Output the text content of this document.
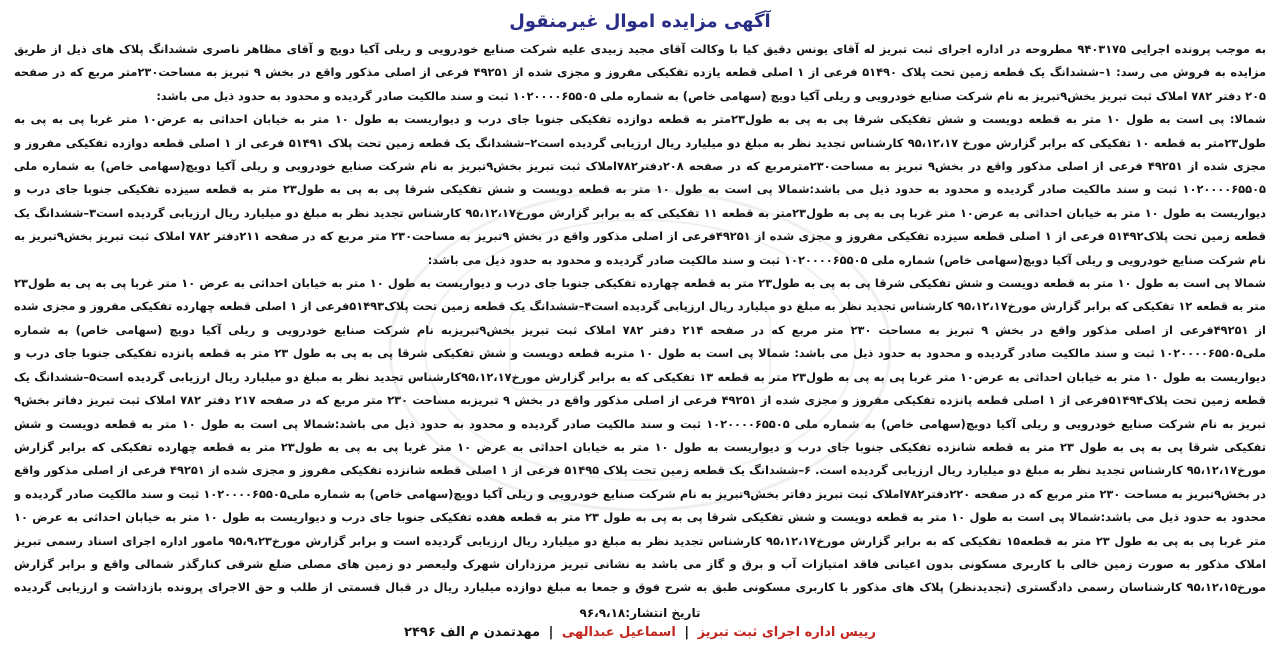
آگهی مزایده اموال غیرمنقول

به موجب پرونده اجرایی ۹۴۰۳۱۷۵ مطروحه در اداره اجرای ثبت تبریز له آقای یونس دقیق کیا با وکالت آقای مجید زبیدی علیه شرکت صنایع خودرویی و ریلی آکیا دویچ و آقای مظاهر ناصری ششدانگ پلاک های ذیل از طریق مزایده به فروش می رسد: ۱–ششدانگ یک قطعه زمین تحت پلاک ۵۱۴۹۰ فرعی از ۱ اصلی قطعه یازده تفکیکی مفروز و مجزی شده از ۴۹۲۵۱ فرعی از اصلی مذکور واقع در بخش ۹ تبریز به مساحت۲۳۰متر مربع که در صفحه ۲۰۵ دفتر ۷۸۲ املاک ثبت تبریز بخش۹تبریز به نام شرکت صنایع خودرویی و ریلی آکیا دویچ (سهامی خاص) به شماره ملی ۱۰۲۰۰۰۰۶۵۵۰۵ ثبت و سند مالکیت صادر گردیده و محدود به حدود ذیل می باشد:

شمالا: پی است به طول ۱۰ متر به قطعه دویست و شش تفکیکی شرقا پی به پی به طول۲۳متر به قطعه دوازده تفکیکی جنوبا جای درب و دیواریست به طول ۱۰ متر به خیابان احداثی به عرض۱۰ متر غربا پی به پی به طول۲۳متر به قطعه ۱۰ تفکیکی که برابر گزارش مورخ ۹۵،۱۲،۱۷ کارشناس تجدید نظر به مبلغ دو میلیارد ریال ارزیابی گردیده است۲–ششدانگ یک قطعه زمین تحت پلاک ۵۱۴۹۱ فرعی از ۱ اصلی قطعه دوازده تفکیکی مفروز و مجزی شده از ۴۹۲۵۱ فرعی از اصلی مذکور واقع در بخش۹ تبریز به مساحت۲۳۰مترمربع که در صفحه ۲۰۸دفتر۷۸۲املاک ثبت تبریز بخش۹تبریز به نام شرکت صنایع خودرویی و ریلی آکیا دویچ(سهامی خاص) به شماره ملی ۱۰۲۰۰۰۰۶۵۵۰۵ ثبت و سند مالکیت صادر گردیده و محدود به حدود ذیل می باشد:شمالا پی است به طول ۱۰ متر به قطعه دویست و شش تفکیکی شرقا پی به پی به طول۲۳ متر به قطعه سیزده تفکیکی جنوبا جای درب و دیواریست به طول ۱۰ متر به خیابان احداثی به عرض۱۰ متر غربا پی به پی به طول۲۳متر به قطعه ۱۱ تفکیکی که به برابر گزارش مورخ۹۵،۱۲،۱۷ کارشناس تجدید نظر به مبلغ دو میلیارد ریال ارزیابی گردیده است۳–ششدانگ یک قطعه زمین تحت پلاک۵۱۴۹۲ فرعی از ۱ اصلی قطعه سیزده تفکیکی مفروز و مجزی شده از ۴۹۲۵۱فرعی از اصلی مذکور واقع در بخش ۹تبریز به مساحت۲۳۰ متر مربع که در صفحه ۲۱۱دفتر ۷۸۲ املاک ثبت تبریز بخش۹تبریز به نام شرکت صنایع خودرویی و ریلی آکیا دویچ(سهامی خاص) شماره ملی ۱۰۲۰۰۰۰۶۵۵۰۵ ثبت و سند مالکیت صادر گردیده و محدود به حدود ذیل می باشد:

شمالا پی است به طول ۱۰ متر به قطعه دویست و شش تفکیکی شرقا پی به پی به طول۲۳ متر به قطعه چهارده تفکیکی جنوبا جای درب و دیواریست به طول ۱۰ متر به خیابان احداثی به عرض ۱۰ متر غربا پی به پی به طول۲۳ متر به قطعه ۱۲ تفکیکی که برابر گزارش مورخ۹۵،۱۲،۱۷ کارشناس تجدید نظر به مبلغ دو میلیارد ریال ارزیابی گردیده است۴–ششدانگ یک قطعه زمین تحت پلاک۵۱۴۹۳فرعی از ۱ اصلی قطعه چهارده تفکیکی مفروز و مجزی شده از ۴۹۲۵۱فرعی از اصلی مذکور واقع در بخش ۹ تبریز به مساحت ۲۳۰ متر مربع که در صفحه ۲۱۴ دفتر ۷۸۲ املاک ثبت تبریز بخش۹تبریزبه نام شرکت صنایع خودرویی و ریلی آکیا دویچ (سهامی خاص) به شماره ملی۱۰۲۰۰۰۰۶۵۵۰۵ ثبت و سند مالکیت صادر گردیده و محدود به حدود ذیل می باشد: شمالا پی است به طول ۱۰ متربه قطعه دویست و شش تفکیکی شرقا پی به پی به طول ۲۳ متر به قطعه پانزده تفکیکی جنوبا جای درب و دیواریست به طول ۱۰ متر به خیابان احداثی به عرض۱۰ متر غربا پی به پی به طول۲۳ متر به قطعه ۱۳ تفکیکی که به برابر گزارش مورخ۹۵،۱۲،۱۷کارشناس تجدید نظر به مبلغ دو میلیارد ریال ارزیابی گردیده است۵–ششدانگ یک قطعه زمین تحت پلاک۵۱۴۹۴فرعی از ۱ اصلی قطعه پانزده تفکیکی مفروز و مجزی شده از ۴۹۲۵۱ فرعی از اصلی مذکور واقع در بخش ۹ تبریزبه مساحت ۲۳۰ متر مربع که در صفحه ۲۱۷ دفتر ۷۸۲ املاک ثبت تبریز دفاتر بخش۹ تبریز به نام شرکت صنایع خودرویی و ریلی آکیا دویچ(سهامی خاص) به شماره ملی ۱۰۲۰۰۰۰۶۵۵۰۵ ثبت و سند مالکیت صادر گردیده و محدود به حدود ذیل می باشد:شمالا پی است به طول ۱۰ متر به قطعه دویست و شش تفکیکی شرقا پی به پی به طول ۲۳ متر به قطعه شانزده تفکیکی جنوبا جای درب و دیواریست به طول ۱۰ متر به خیابان احداثی به عرض ۱۰ متر غربا پی به پی به طول۲۳ متر به قطعه چهارده تفکیکی که برابر گزارش مورخ۹۵،۱۲،۱۷ کارشناس تجدید نظر به مبلغ دو میلیارد ریال ارزیابی گردیده است. ۶–ششدانگ یک قطعه زمین تحت پلاک ۵۱۴۹۵ فرعی از ۱ اصلی قطعه شانزده تفکیکی مفروز و مجزی شده از ۴۹۲۵۱ فرعی از اصلی مذکور واقع در بخش۹تبریز به مساحت ۲۳۰ متر مربع که در صفحه ۲۲۰دفتر۷۸۲املاک ثبت تبریز دفاتر بخش۹تبریز به نام شرکت صنایع خودرویی و ریلی آکیا دویچ(سهامی خاص) به شماره ملی۱۰۲۰۰۰۰۶۵۵۰۵ ثبت و سند مالکیت صادر گردیده و محدود به حدود ذیل می باشد:شمالا پی است به طول ۱۰ متر به قطعه دویست و شش تفکیکی شرقا پی به پی به طول ۲۳ متر به قطعه هفده تفکیکی جنوبا جای درب و دیواریست به طول ۱۰ متر به خیابان احداثی به عرض ۱۰ متر غربا پی به پی به طول ۲۳ متر به قطعه۱۵ تفکیکی که به برابر گزارش مورخ۹۵،۱۲،۱۷ کارشناس تجدید نظر به مبلغ دو میلیارد ریال ارزیابی گردیده است و برابر گزارش مورخ۹۵،۹،۲۳ مامور اداره اجرای اسناد رسمی تبریز املاک مذکور به صورت زمین خالی با کاربری مسکونی بدون اعیانی فاقد امتیازات آب و برق و گاز می باشد به نشانی تبریز مرزداران شهرک ولیعصر دو زمین های مصلی ضلع شرقی کنارگذر شمالی واقع و برابر گزارش مورخ۹۵،۱۲،۱۵ کارشناسان رسمی دادگستری (تجدیدنظر) پلاک های مذکور با کاربری مسکونی طبق به شرح فوق و جمعا به مبلغ دوازده میلیارد ریال در قبال قسمتی از طلب و حق الاجرای پرونده بازداشت و ارزیابی گردیده

تاریخ انتشار:۹۶،۹،۱۸
رییس اداره اجرای ثبت تبریز | اسماعیل عبدالهی | مهدتمدن م الف ۲۴۹۶
